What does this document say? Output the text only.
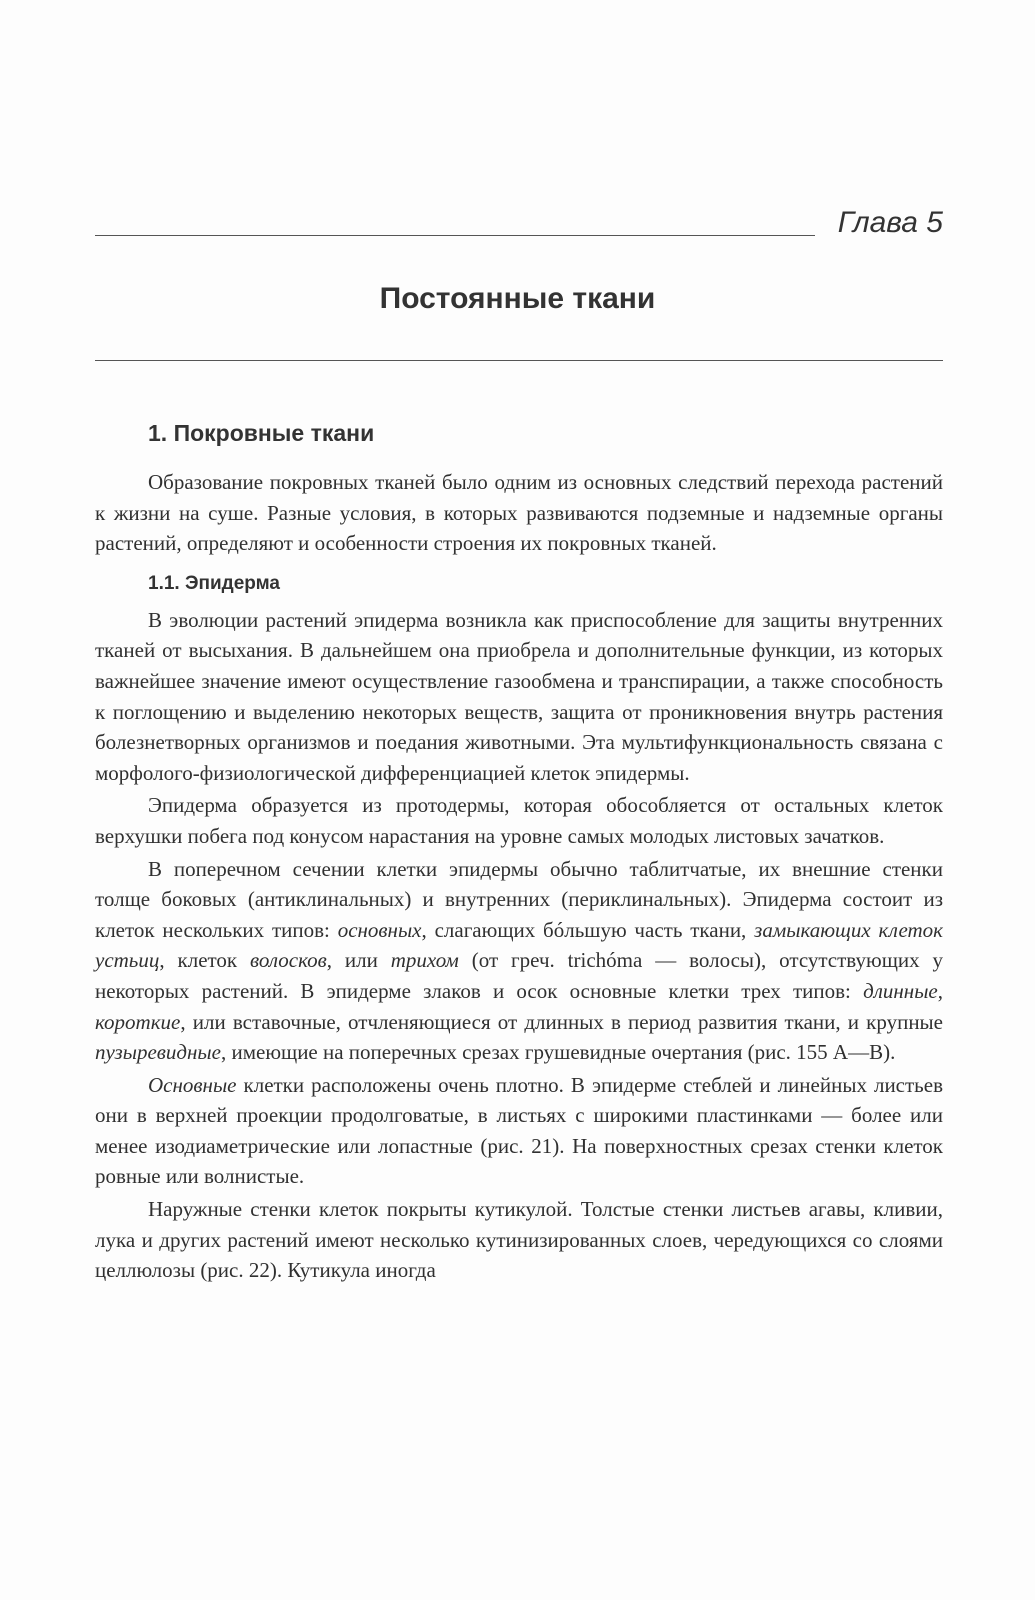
Глава 5
Постоянные ткани
1. Покровные ткани

Образование покровных тканей было одним из основных следствий перехода растений к жизни на суше. Разные условия, в которых развиваются подземные и надземные органы растений, определяют и особенности строения их покровных тканей.

1.1. Эпидерма

В эволюции растений эпидерма возникла как приспособление для защиты внутренних тканей от высыхания. В дальнейшем она приобрела и дополнительные функции, из которых важнейшее значение имеют осуществление газообмена и транспирации, а также способность к поглощению и выделению некоторых веществ, защита от проникновения внутрь растения болезнетворных организмов и поедания животными. Эта мультифункциональность связана с морфолого-физиологической дифференциацией клеток эпидермы.

Эпидерма образуется из протодермы, которая обособляется от остальных клеток верхушки побега под конусом нарастания на уровне самых молодых листовых зачатков.

В поперечном сечении клетки эпидермы обычно таблитчатые, их внешние стенки толще боковых (антиклинальных) и внутренних (периклинальных). Эпидерма состоит из клеток нескольких типов: основных, слагающих бóльшую часть ткани, замыкающих клеток устьиц, клеток волосков, или трихом (от греч. trichóma — волосы), отсутствующих у некоторых растений. В эпидерме злаков и осок основные клетки трех типов: длинные, короткие, или вставочные, отчленяющиеся от длинных в период развития ткани, и крупные пузыревидные, имеющие на поперечных срезах грушевидные очертания (рис. 155 А—В).

Основные клетки расположены очень плотно. В эпидерме стеблей и линейных листьев они в верхней проекции продолговатые, в листьях с широкими пластинками — более или менее изодиаметрические или лопастные (рис. 21). На поверхностных срезах стенки клеток ровные или волнистые.

Наружные стенки клеток покрыты кутикулой. Толстые стенки листьев агавы, кливии, лука и других растений имеют несколько кутинизированных слоев, чередующихся со слоями целлюлозы (рис. 22). Кутикула иногда
